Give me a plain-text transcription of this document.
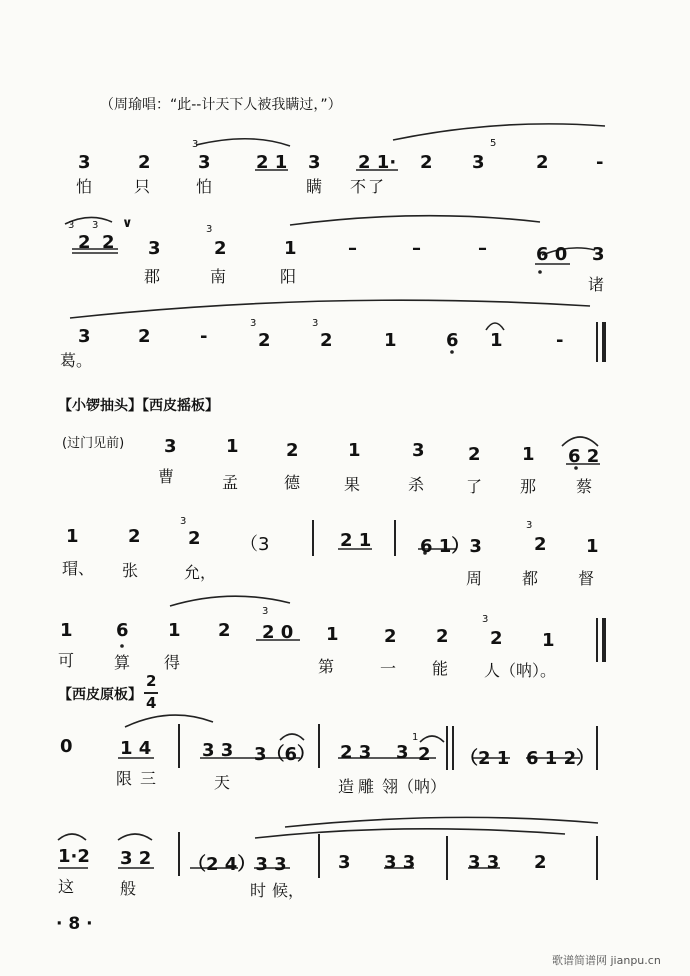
（周瑜唱：“此--计天下人被我瞒过，”）
3	2
3
3	2 1 3 2 1· 2 3
5
2	-
怕	只	怕	瞒 不 了
3 3
2 2
∨
3
3
2	1	–	–	–	6 0 3
郡	南	阳	诸
3	2	-
3
2
3
2	1	6 1	-
葛。
【小锣抽头】【西皮摇板】
(过门见前) 3	1	2	1	3 2 1 6 2
曹	孟	德	果	杀	了 那 蔡
1	2
3
2 （3	2 1	6 1）3
3
2 1
瑁、 张	允，	周 都 督
1 6 1 2
3
2 0 1	2 2
3
2 1
可 算 得	第	一 能 人（呐）。
【西皮原板】
2
4
0	1 4	3 3 3（6） 2 3 3
1
2 （2 1 6 1 2）
限 三	天	造 雕 翎（呐）
1·2 3 2 （2 4）3 3	3 3 3	3 3 2
这	般	时 候，
· 8 ·
歌谱简谱网 jianpu.cn
